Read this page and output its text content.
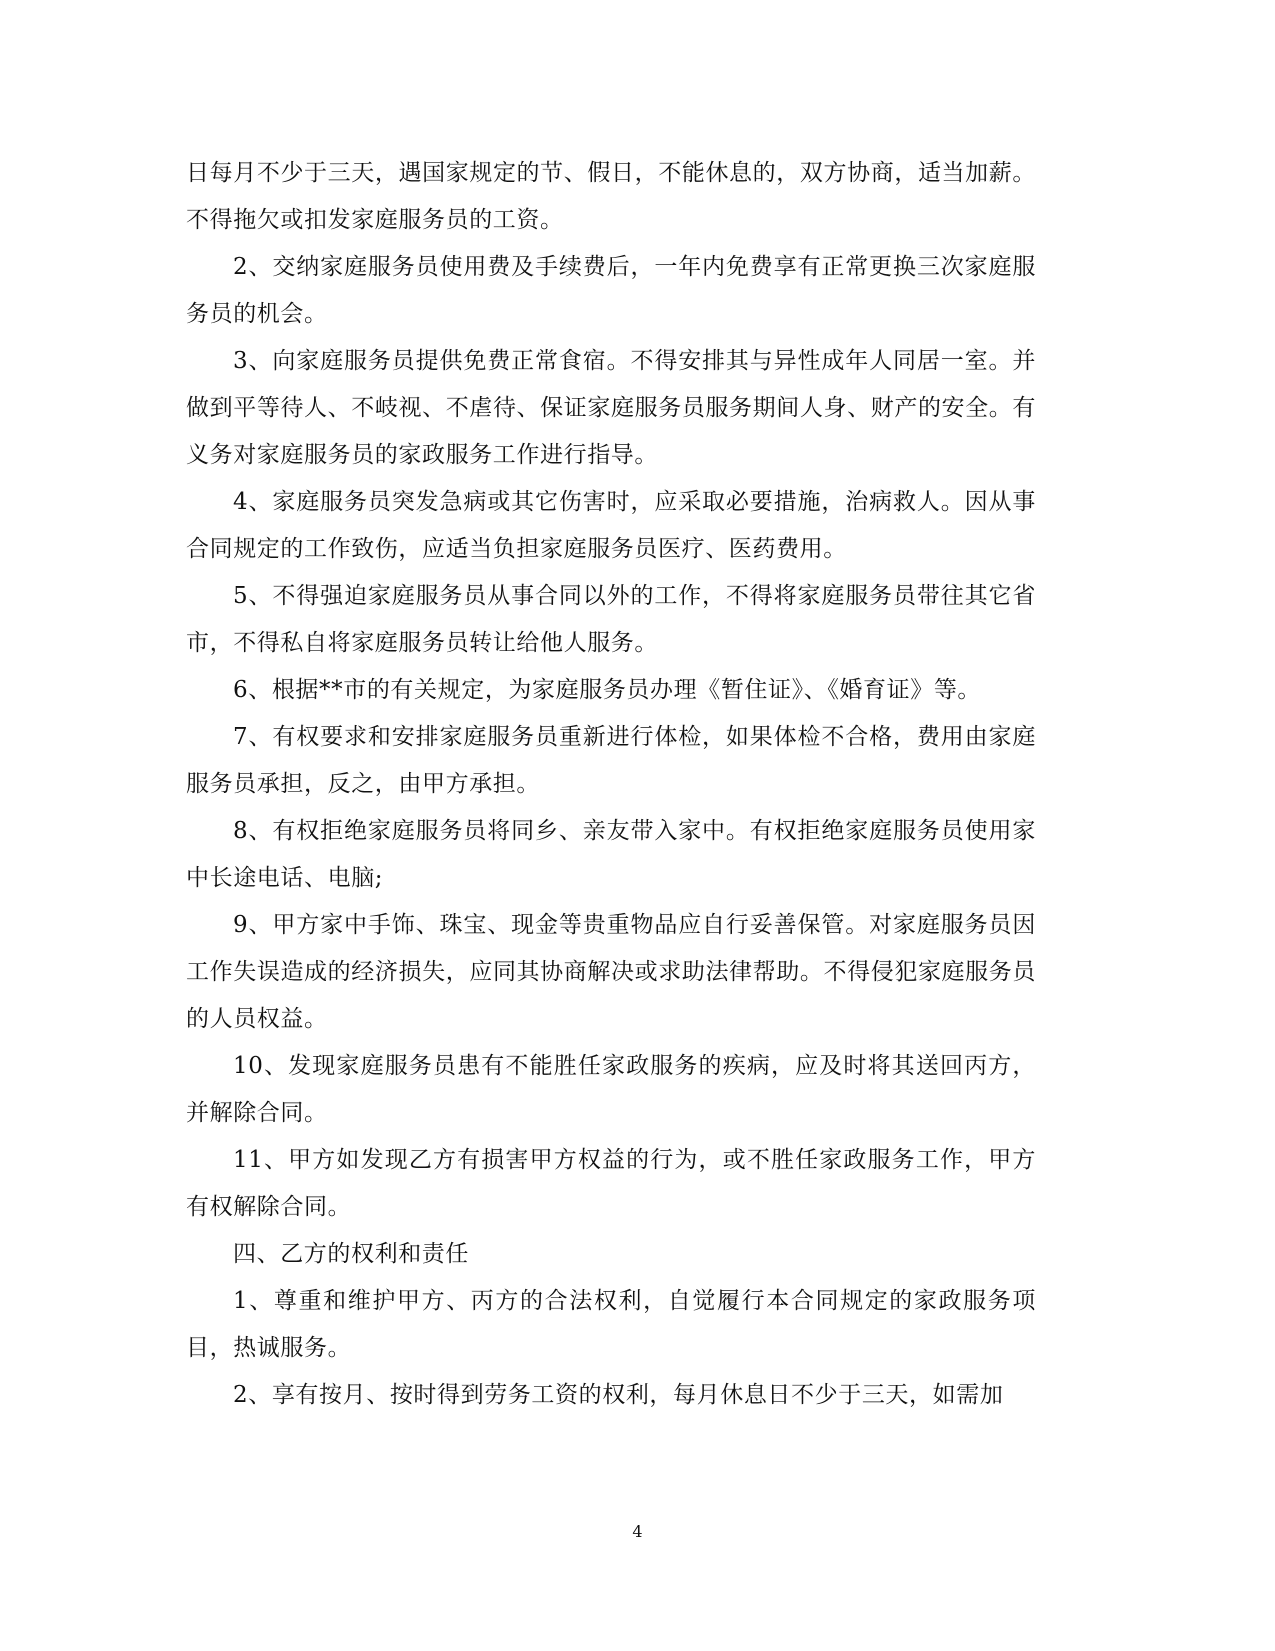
日每月不少于三天，遇国家规定的节、假日，不能休息的，双方协商，适当加薪。不得拖欠或扣发家庭服务员的工资。

2、交纳家庭服务员使用费及手续费后，一年内免费享有正常更换三次家庭服务员的机会。

3、向家庭服务员提供免费正常食宿。不得安排其与异性成年人同居一室。并做到平等待人、不岐视、不虐待、保证家庭服务员服务期间人身、财产的安全。有义务对家庭服务员的家政服务工作进行指导。

4、家庭服务员突发急病或其它伤害时，应采取必要措施，治病救人。因从事合同规定的工作致伤，应适当负担家庭服务员医疗、医药费用。

5、不得强迫家庭服务员从事合同以外的工作，不得将家庭服务员带往其它省市，不得私自将家庭服务员转让给他人服务。

6、根据**市的有关规定，为家庭服务员办理《暂住证》、《婚育证》等。

7、有权要求和安排家庭服务员重新进行体检，如果体检不合格，费用由家庭服务员承担，反之，由甲方承担。

8、有权拒绝家庭服务员将同乡、亲友带入家中。有权拒绝家庭服务员使用家中长途电话、电脑;

9、甲方家中手饰、珠宝、现金等贵重物品应自行妥善保管。对家庭服务员因工作失误造成的经济损失，应同其协商解决或求助法律帮助。不得侵犯家庭服务员的人员权益。

10、发现家庭服务员患有不能胜任家政服务的疾病，应及时将其送回丙方，并解除合同。

11、甲方如发现乙方有损害甲方权益的行为，或不胜任家政服务工作，甲方有权解除合同。

四、乙方的权利和责任

1、尊重和维护甲方、丙方的合法权利，自觉履行本合同规定的家政服务项目，热诚服务。

2、享有按月、按时得到劳务工资的权利，每月休息日不少于三天，如需加

4
